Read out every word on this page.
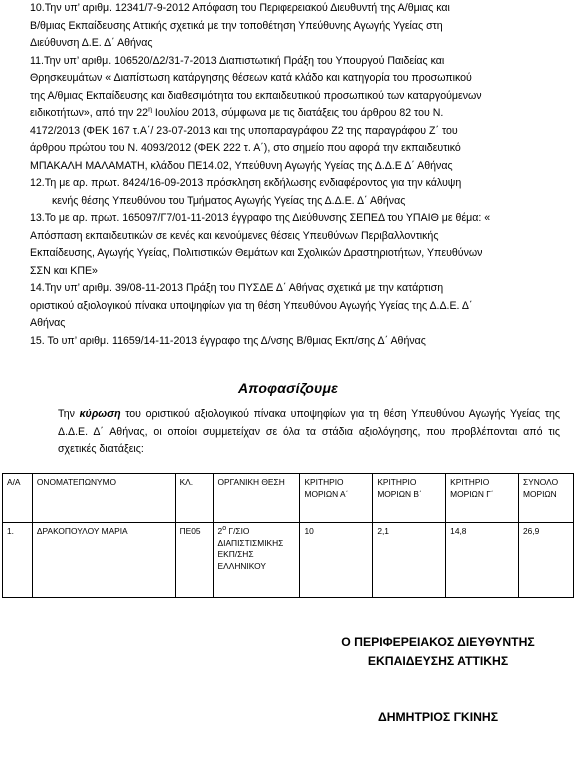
10.Την υπ’ αριθμ. 12341/7-9-2012 Απόφαση του Περιφερειακού Διευθυντή της Α/θμιας και
Β/θμιας Εκπαίδευσης Αττικής σχετικά με την τοποθέτηση Υπεύθυνης Αγωγής Υγείας στη
Διεύθυνση Δ.Ε. Δ΄ Αθήνας

11.Την υπ’ αριθμ. 106520/Δ2/31-7-2013 Διαπιστωτική Πράξη του Υπουργού Παιδείας και
Θρησκευμάτων « Διαπίστωση κατάργησης θέσεων κατά κλάδο και κατηγορία του προσωπικού
της Α/θμιας Εκπαίδευσης και διαθεσιμότητα του εκπαιδευτικού προσωπικού των καταργούμενων
ειδικοτήτων», από την $22^\eta$ Ιουλίου 2013, σύμφωνα με τις διατάξεις του άρθρου 82 του Ν.
4172/2013 (ΦΕΚ 167 τ.Α΄/ 23-07-2013 και της υποπαραγράφου Ζ2 της παραγράφου Ζ΄ του
άρθρου πρώτου του Ν. 4093/2012 (ΦΕΚ 222 τ. Α΄), στο σημείο που αφορά την εκπαιδευτικό
ΜΠΑΚΑΛΗ ΜΑΛΑΜΑΤΗ, κλάδου ΠΕ14.02, Υπεύθυνη Αγωγής Υγείας της Δ.Δ.Ε Δ΄ Αθήνας

12.Τη με αρ. πρωτ. 8424/16-09-2013 πρόσκληση εκδήλωσης ενδιαφέροντος για την κάλυψη
κενής θέσης Υπευθύνου του Τμήματος Αγωγής Υγείας της Δ.Δ.Ε. Δ΄ Αθήνας

13.Το με αρ. πρωτ. 165097/Γ7/01-11-2013 έγγραφο της Διεύθυνσης ΣΕΠΕΔ του ΥΠΑΙΘ με θέμα: «
Απόσπαση εκπαιδευτικών σε κενές και κενούμενες θέσεις Υπευθύνων Περιβαλλοντικής
Εκπαίδευσης, Αγωγής Υγείας, Πολιτιστικών Θεμάτων και Σχολικών Δραστηριοτήτων, Υπευθύνων
ΣΣΝ και ΚΠΕ»

14.Την υπ’ αριθμ. 39/08-11-2013 Πράξη του ΠΥΣΔΕ Δ΄ Αθήνας σχετικά με την κατάρτιση
οριστικού αξιολογικού πίνακα υποψηφίων για τη θέση Υπευθύνου Αγωγής Υγείας της Δ.Δ.Ε. Δ΄
Αθήνας

15. Το υπ’ αριθμ. 11659/14-11-2013 έγγραφο της Δ/νσης Β/θμιας Εκπ/σης Δ΄ Αθήνας

Αποφασίζουμε
Την κύρωση του οριστικού αξιολογικού πίνακα υποψηφίων για τη θέση Υπευθύνου Αγωγής Υγείας της Δ.Δ.Ε. Δ΄ Αθήνας, οι οποίοι συμμετείχαν σε όλα τα στάδια αξιολόγησης, που προβλέπονται από τις σχετικές διατάξεις:
Α/Α	ΟΝΟΜΑΤΕΠΩΝΥΜΟ	ΚΛ.	ΟΡΓΑΝΙΚΗ ΘΕΣΗ	ΚΡΙΤΗΡΙΟ ΜΟΡΙΩΝ Α΄	ΚΡΙΤΗΡΙΟ ΜΟΡΙΩΝ Β΄	ΚΡΙΤΗΡΙΟ ΜΟΡΙΩΝ Γ΄	ΣΥΝΟΛΟ ΜΟΡΙΩΝ
1.	ΔΡΑΚΟΠΟΥΛΟΥ ΜΑΡΙΑ	ΠΕ05	$2^o$ Γ/ΣΙΟ ΔΙΑΠΙΣΤΙΣΜΙΚΗΣ ΕΚΠ/ΣΗΣ ΕΛΛΗΝΙΚΟΥ	10	2,1	14,8	26,9
Ο ΠΕΡΙΦΕΡΕΙΑΚΟΣ ΔΙΕΥΘΥΝΤΗΣ
ΕΚΠΑΙΔΕΥΣΗΣ ΑΤΤΙΚΗΣ
ΔΗΜΗΤΡΙΟΣ ΓΚΙΝΗΣ
